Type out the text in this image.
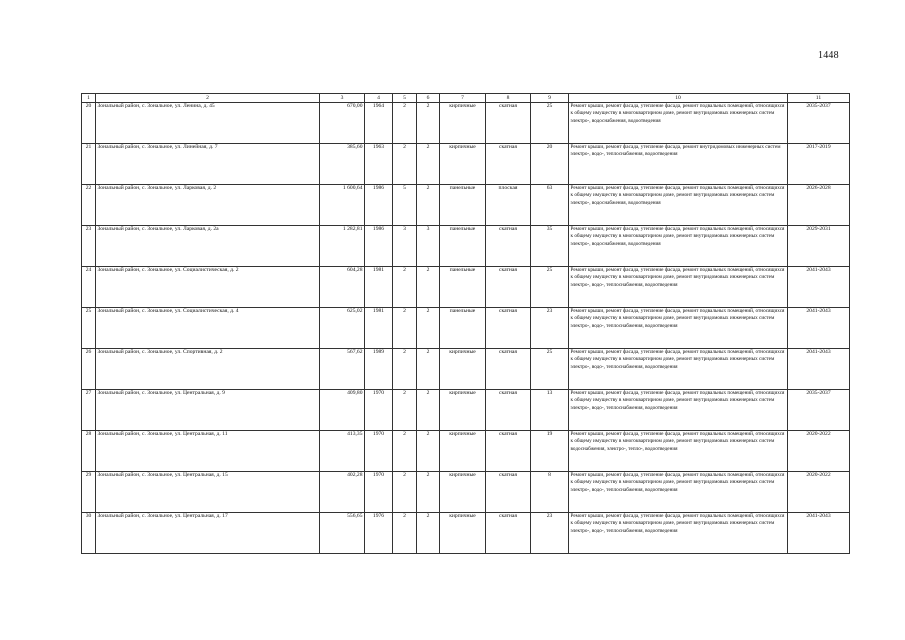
1448
1	2	3	4	5	6	7	8	9	10	11
20	Зональный район, с. Зональное, ул. Ленина, д. 45	670,00	1964	2	2	кирпичные	скатная	25	Ремонт крыши, ремонт фасада, утепление фасада, ремонт подвальных помещений, относящихся к общему имуществу в многоквартирном доме, ремонт внутридомовых инженерных систем электро-, водоснабжения, водоотведения	2035-2037
21	Зональный район, с. Зональное, ул. Линейная, д. 7	385,60	1963	2	2	кирпичные	скатная	20	Ремонт крыши, ремонт фасада, утепление фасада, ремонт внутридомовых инженерных систем электро-, водо-, теплоснабжения, водоотведения	2017-2019
22	Зональный район, с. Зональное, ул. Ларковая, д. 2	1 600,64	1986	5	2	панельные	плоская	63	Ремонт крыши, ремонт фасада, утепление фасада, ремонт подвальных помещений, относящихся к общему имуществу в многоквартирном доме, ремонт внутридомовых инженерных систем электро-, водоснабжения, водоотведения	2026-2028
23	Зональный район, с. Зональное, ул. Ларковая, д. 2а	1 282,81	1986	3	3	панельные	скатная	35	Ремонт крыши, ремонт фасада, утепление фасада, ремонт подвальных помещений, относящихся к общему имуществу в многоквартирном доме, ремонт внутридомовых инженерных систем электро-, водоснабжения, водоотведения	2029-2031
24	Зональный район, с. Зональное, ул. Социалистическая, д. 2	604,28	1981	2	2	панельные	скатная	25	Ремонт крыши, ремонт фасада, утепление фасада, ремонт подвальных помещений, относящихся к общему имуществу в многоквартирном доме, ремонт внутридомовых инженерных систем электро-, водо-, теплоснабжения, водоотведения	2041-2043
25	Зональный район, с. Зональное, ул. Социалистическая, д. 4	625,02	1981	2	2	панельные	скатная	23	Ремонт крыши, ремонт фасада, утепление фасада, ремонт подвальных помещений, относящихся к общему имуществу в многоквартирном доме, ремонт внутридомовых инженерных систем электро-, водо-, теплоснабжения, водоотведения	2041-2043
26	Зональный район, с. Зональное, ул. Спортивная, д. 2	567,62	1989	2	2	кирпичные	скатная	25	Ремонт крыши, ремонт фасада, утепление фасада, ремонт подвальных помещений, относящихся к общему имуществу в многоквартирном доме, ремонт внутридомовых инженерных систем электро-, водо-, теплоснабжения, водоотведения	2041-2043
27	Зональный район, с. Зональное, ул. Центральная, д. 9	409,80	1970	2	2	кирпичные	скатная	13	Ремонт крыши, ремонт фасада, утепление фасада, ремонт подвальных помещений, относящихся к общему имуществу в многоквартирном доме, ремонт внутридомовых инженерных систем электро-, водо-, теплоснабжения, водоотведения	2035-2037
28	Зональный район, с. Зональное, ул. Центральная, д. 11	413,35	1970	2	2	кирпичные	скатная	19	Ремонт крыши, ремонт фасада, утепление фасада, ремонт подвальных помещений, относящихся к общему имуществу в многоквартирном доме, ремонт внутридомовых инженерных систем водоснабжения, электро-, тепло-, водоотведения	2020-2022
29	Зональный район, с. Зональное, ул. Центральная, д. 15	402,28	1970	2	2	кирпичные	скатная	8	Ремонт крыши, ремонт фасада, утепление фасада, ремонт подвальных помещений, относящихся к общему имуществу в многоквартирном доме, ремонт внутридомовых инженерных систем электро-, водо-, теплоснабжения, водоотведения	2020-2022
30	Зональный район, с. Зональное, ул. Центральная, д. 17	556,65	1976	2	2	кирпичные	скатная	23	Ремонт крыши, ремонт фасада, утепление фасада, ремонт подвальных помещений, относящихся к общему имуществу в многоквартирном доме, ремонт внутридомовых инженерных систем электро-, водо-, теплоснабжения, водоотведения	2041-2043
